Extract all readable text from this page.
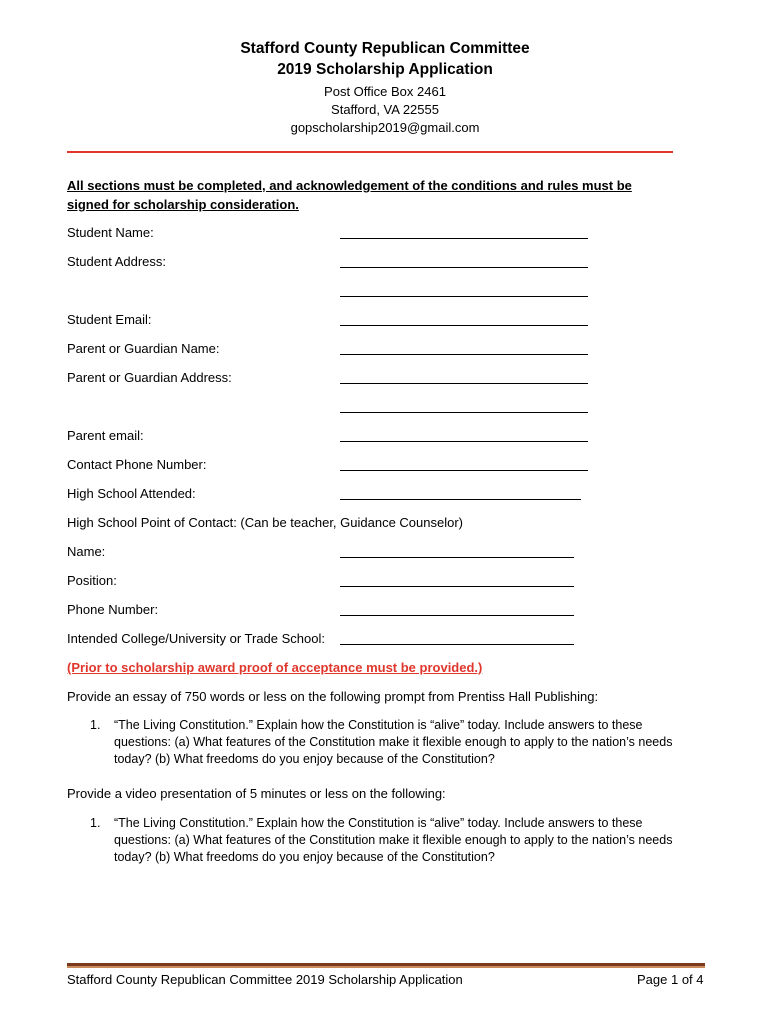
Stafford County Republican Committee
2019 Scholarship Application
Post Office Box 2461
Stafford, VA 22555
gopscholarship2019@gmail.com
All sections must be completed, and acknowledgement of the conditions and rules must be signed for scholarship consideration.
Student Name:
Student Address:
Student Email:
Parent or Guardian Name:
Parent or Guardian Address:
Parent email:
Contact Phone Number:
High School Attended:
High School Point of Contact: (Can be teacher, Guidance Counselor)
Name:
Position:
Phone Number:
Intended College/University or Trade School:
(Prior to scholarship award proof of acceptance must be provided.)
Provide an essay of 750 words or less on the following prompt from Prentiss Hall Publishing:
1. “The Living Constitution.” Explain how the Constitution is “alive” today. Include answers to these questions: (a) What features of the Constitution make it flexible enough to apply to the nation’s needs today? (b) What freedoms do you enjoy because of the Constitution?
Provide a video presentation of 5 minutes or less on the following:
1. “The Living Constitution.” Explain how the Constitution is “alive” today. Include answers to these questions: (a) What features of the Constitution make it flexible enough to apply to the nation’s needs today? (b) What freedoms do you enjoy because of the Constitution?
Stafford County Republican Committee 2019 Scholarship Application	Page 1 of 4
